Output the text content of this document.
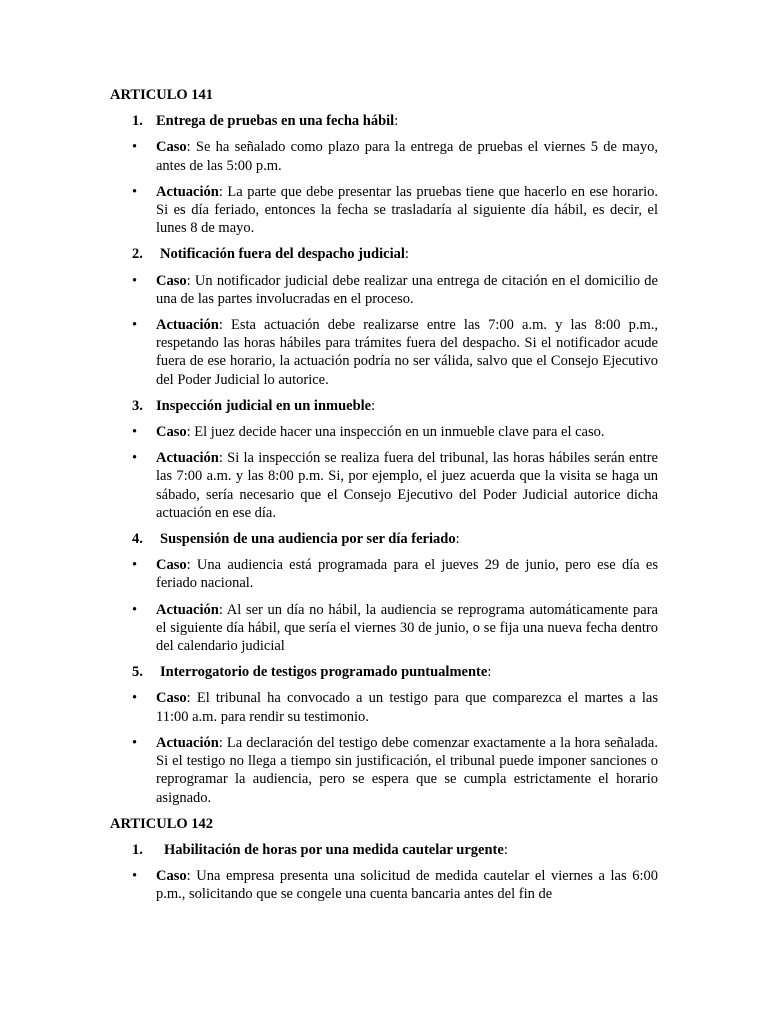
ARTICULO 141
1. Entrega de pruebas en una fecha hábil:
• Caso: Se ha señalado como plazo para la entrega de pruebas el viernes 5 de mayo, antes de las 5:00 p.m.
• Actuación: La parte que debe presentar las pruebas tiene que hacerlo en ese horario. Si es día feriado, entonces la fecha se trasladaría al siguiente día hábil, es decir, el lunes 8 de mayo.
2. Notificación fuera del despacho judicial:
• Caso: Un notificador judicial debe realizar una entrega de citación en el domicilio de una de las partes involucradas en el proceso.
• Actuación: Esta actuación debe realizarse entre las 7:00 a.m. y las 8:00 p.m., respetando las horas hábiles para trámites fuera del despacho. Si el notificador acude fuera de ese horario, la actuación podría no ser válida, salvo que el Consejo Ejecutivo del Poder Judicial lo autorice.
3. Inspección judicial en un inmueble:
• Caso: El juez decide hacer una inspección en un inmueble clave para el caso.
• Actuación: Si la inspección se realiza fuera del tribunal, las horas hábiles serán entre las 7:00 a.m. y las 8:00 p.m. Si, por ejemplo, el juez acuerda que la visita se haga un sábado, sería necesario que el Consejo Ejecutivo del Poder Judicial autorice dicha actuación en ese día.
4. Suspensión de una audiencia por ser día feriado:
• Caso: Una audiencia está programada para el jueves 29 de junio, pero ese día es feriado nacional.
• Actuación: Al ser un día no hábil, la audiencia se reprograma automáticamente para el siguiente día hábil, que sería el viernes 30 de junio, o se fija una nueva fecha dentro del calendario judicial
5. Interrogatorio de testigos programado puntualmente:
• Caso: El tribunal ha convocado a un testigo para que comparezca el martes a las 11:00 a.m. para rendir su testimonio.
• Actuación: La declaración del testigo debe comenzar exactamente a la hora señalada. Si el testigo no llega a tiempo sin justificación, el tribunal puede imponer sanciones o reprogramar la audiencia, pero se espera que se cumpla estrictamente el horario asignado.
ARTICULO 142
1. Habilitación de horas por una medida cautelar urgente:
• Caso: Una empresa presenta una solicitud de medida cautelar el viernes a las 6:00 p.m., solicitando que se congele una cuenta bancaria antes del fin de
